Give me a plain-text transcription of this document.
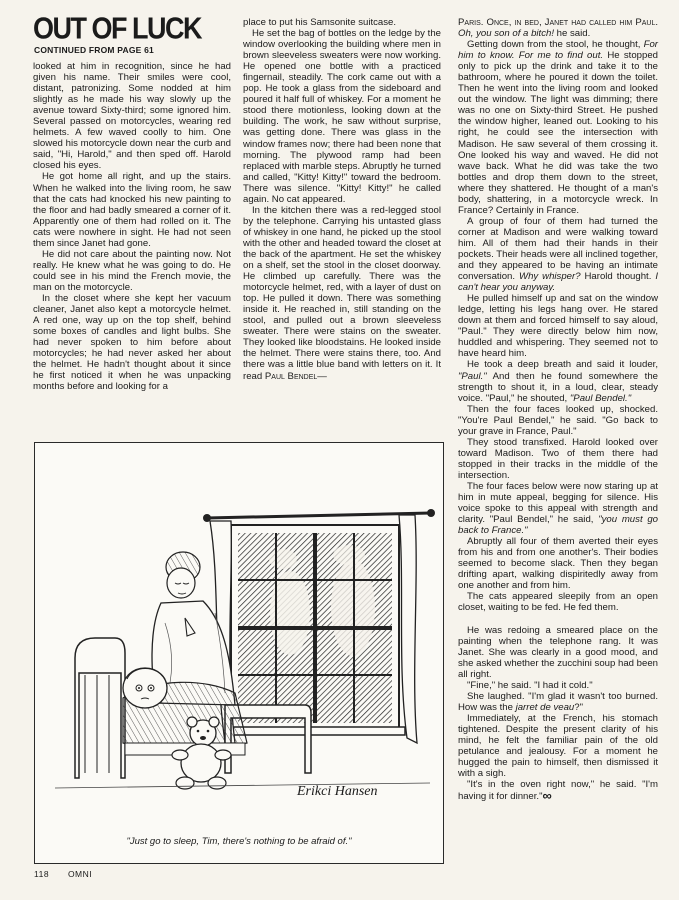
OUT OF LUCK
CONTINUED FROM PAGE 61

looked at him in recognition, since he had given his name. Their smiles were cool, distant, patronizing. Some nodded at him slightly as he made his way slowly up the avenue toward Sixty-third; some ignored him. Several passed on motorcycles, wearing red helmets. A few waved coolly to him. One slowed his motorcycle down near the curb and said, "Hi, Harold," and then sped off. Harold closed his eyes.

He got home all right, and up the stairs. When he walked into the living room, he saw that the cats had knocked his new painting to the floor and had badly smeared a corner of it. Apparently one of them had rolled on it. The cats were nowhere in sight. He had not seen them since Janet had gone.

He did not care about the painting now. Not really. He knew what he was going to do. He could see in his mind the French movie, the man on the motorcycle.

In the closet where she kept her vacuum cleaner, Janet also kept a motorcycle helmet. A red one, way up on the top shelf, behind some boxes of candles and light bulbs. She had never spoken to him before about motorcycles; he had never asked her about the helmet. He hadn't thought about it since he first noticed it when he was unpacking months before and looking for a

place to put his Samsonite suitcase.

He set the bag of bottles on the ledge by the window overlooking the building where men in brown sleeveless sweaters were now working. He opened one bottle with a practiced fingernail, steadily. The cork came out with a pop. He took a glass from the sideboard and poured it half full of whiskey. For a moment he stood there motionless, looking down at the building. The work, he saw without surprise, was getting done. There was glass in the window frames now; there had been none that morning. The plywood ramp had been replaced with marble steps. Abruptly he turned and called, "Kitty! Kitty!" toward the bedroom. There was silence. "Kitty! Kitty!" he called again. No cat appeared.

In the kitchen there was a red-legged stool by the telephone. Carrying his untasted glass of whiskey in one hand, he picked up the stool with the other and headed toward the closet at the back of the apartment. He set the whiskey on a shelf, set the stool in the closet doorway. He climbed up carefully. There was the motorcycle helmet, red, with a layer of dust on top. He pulled it down. There was something inside it. He reached in, still standing on the stool, and pulled out a brown sleeveless sweater. There were stains on the sweater. They looked like bloodstains. He looked inside the helmet. There were stains there, too. And there was a little blue band with letters on it. It read Paul Bendel—

Paris. Once, in bed, Janet had called him Paul. Oh, you son of a bitch! he said.

Getting down from the stool, he thought, For him to know. For me to find out. He stopped only to pick up the drink and take it to the bathroom, where he poured it down the toilet. Then he went into the living room and looked out the window. The light was dimming; there was no one on Sixty-third Street. He pushed the window higher, leaned out. Looking to his right, he could see the intersection with Madison. He saw several of them crossing it. One looked his way and waved. He did not wave back. What he did was take the two bottles and drop them down to the street, where they shattered. He thought of a man's body, shattering, in a motorcycle wreck. In France? Certainly in France.

A group of four of them had turned the corner at Madison and were walking toward him. All of them had their hands in their pockets. Their heads were all inclined together, and they appeared to be having an intimate conversation. Why whisper? Harold thought. I can't hear you anyway.

He pulled himself up and sat on the window ledge, letting his legs hang over. He stared down at them and forced himself to say aloud, "Paul." They were directly below him now, huddled and whispering. They seemed not to have heard him.

He took a deep breath and said it louder, "Paul." And then he found somewhere the strength to shout it, in a loud, clear, steady voice. "Paul," he shouted, "Paul Bendel."

Then the four faces looked up, shocked. "You're Paul Bendel," he said. "Go back to your grave in France, Paul."

They stood transfixed. Harold looked over toward Madison. Two of them there had stopped in their tracks in the middle of the intersection.

The four faces below were now staring up at him in mute appeal, begging for silence. His voice spoke to this appeal with strength and clarity. "Paul Bendel," he said, "you must go back to France."

Abruptly all four of them averted their eyes from his and from one another's. Their bodies seemed to become slack. Then they began drifting apart, walking dispiritedly away from one another and from him.

The cats appeared sleepily from an open closet, waiting to be fed. He fed them.

He was redoing a smeared place on the painting when the telephone rang. It was Janet. She was clearly in a good mood, and she asked whether the zucchini soup had been all right.

"Fine," he said. "I had it cold."

She laughed. "I'm glad it wasn't too burned. How was the jarret de veau?"

Immediately, at the French, his stomach tightened. Despite the present clarity of his mind, he felt the familiar pain of the old petulance and jealousy. For a moment he hugged the pain to himself, then dismissed it with a sigh.

"It's in the oven right now," he said. "I'm having it for dinner."∞

Erikci Hansen
"Just go to sleep, Tim, there's nothing to be afraid of."
118 OMNI
